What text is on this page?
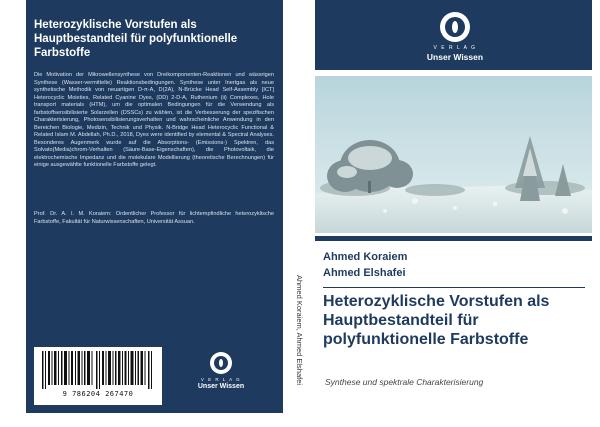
Heterozyklische Vorstufen als Hauptbestandteil für polyfunktionelle Farbstoffe
Die Motivation der Mikrowellensynthese von Dreikomponenten-Reaktionen und wässrigen Synthese (Wasser-vermittelte) Reaktionsbedingungen. Synthese unter Inertgas als neue synthetische Methodik von neuartigen D-π-A, D(2A), N-Brücke Head Self-Assembly [ICT] Heterocyclic Moieties, Related Cyanine Dyes, (DD) 2-D-A, Ruthenium (ii) Complexes, Hole transport materials (HTM), um die optimalen Bedingungen für die Verwendung als farbstoffsensibilisierte Solarzellen (DSSCs) zu wählen, ist die Verbesserung der spezifischen Charakterisierung, Photosensibilisierungsverhalten und wahrscheinliche Anwendung in den Bereichen Biologie, Medizin, Technik und Physik. N-Bridge Head Heterocyclic Functional & Related Islam M. Abdellah, Ph.D., 2018, Dyes were identified by elemental & Spectral Analyses. Besonderes Augenmerk wurde auf die Absorptions- (Emissions-) Spektren, das Solvato(Media)chrom-Verhalten (Säure-Base-Eigenschaften), die Photovoltaik, die elektrochemische Impedanz und die molekulare Modellierung (theoretische Berechnungen) für einige ausgewählte funktionelle Farbstoffe gelegt.
Prof. Dr. A. I. M. Koraiem: Ordentlicher Professor für lichtempfindliche heterozyklische Farbstoffe, Fakultät für Naturwissenschaften, Universität Assuan.
9 786204 267470
V E R L A G
Unser Wissen
Ahmed Koraiem, Ahmed Elshafei
V E R L A G
Unser Wissen
Ahmed Koraiem
Ahmed Elshafei
Heterozyklische Vorstufen als Hauptbestandteil für polyfunktionelle Farbstoffe
Synthese und spektrale Charakterisierung
